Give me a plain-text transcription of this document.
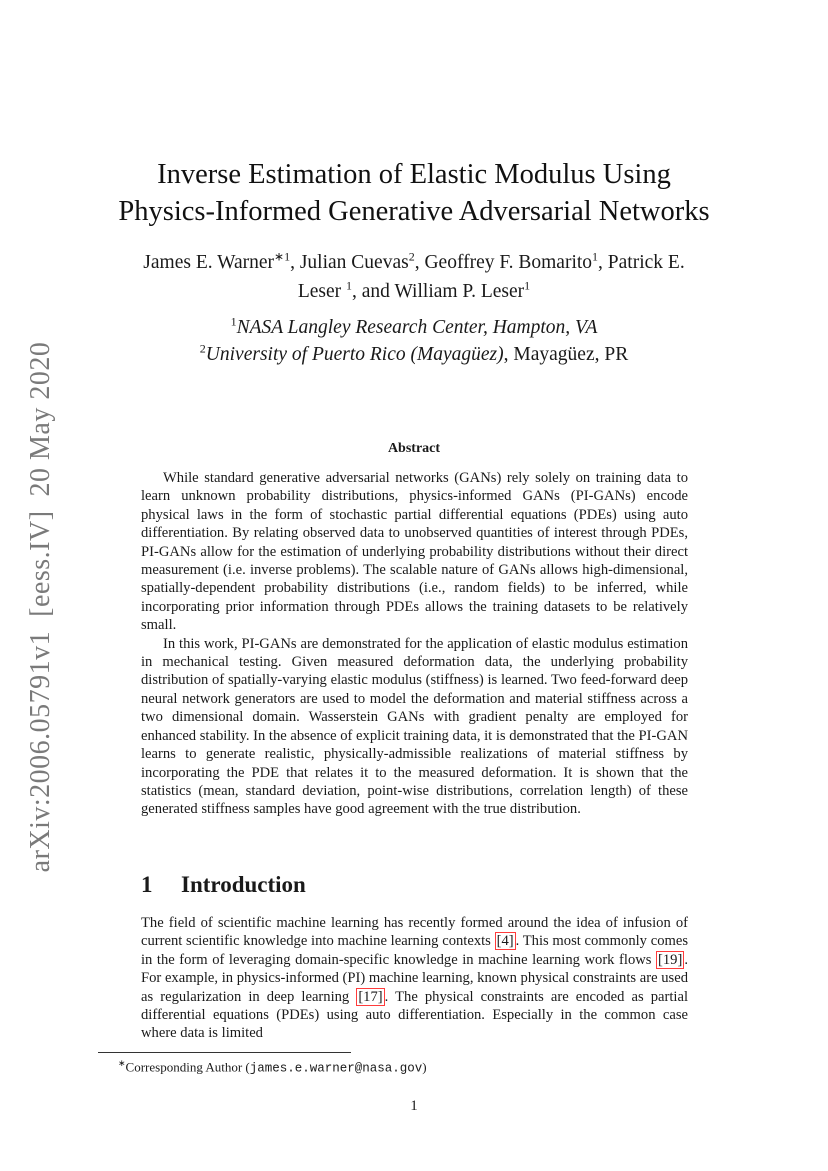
arXiv:2006.05791v1[eess.IV]20 May 2020
Inverse Estimation of Elastic Modulus Using
Physics-Informed Generative Adversarial Networks
James E. Warner$^{∗1}$, Julian Cuevas$^2$, Geoffrey F. Bomarito$^1$, Patrick E.
Leser $^1$, and William P. Leser$^1$
$^1$NASA Langley Research Center, Hampton, VA
$^2$University of Puerto Rico (Mayagüez), Mayagüez, PR
Abstract

While standard generative adversarial networks (GANs) rely solely on training data to learn unknown probability distributions, physics-informed GANs (PI-GANs) encode physical laws in the form of stochastic partial differential equations (PDEs) using auto differentiation. By relating observed data to unobserved quantities of interest through PDEs, PI-GANs allow for the estimation of underlying probability distributions without their direct measurement (i.e. inverse problems). The scalable nature of GANs allows high-dimensional, spatially-dependent probability distributions (i.e., random fields) to be inferred, while incorporating prior information through PDEs allows the training datasets to be relatively small.

In this work, PI-GANs are demonstrated for the application of elastic modulus estimation in mechanical testing. Given measured deformation data, the underlying probability distribution of spatially-varying elastic modulus (stiffness) is learned. Two feed-forward deep neural network generators are used to model the deformation and material stiffness across a two dimensional domain. Wasserstein GANs with gradient penalty are employed for enhanced stability. In the absence of explicit training data, it is demonstrated that the PI-GAN learns to generate realistic, physically-admissible realizations of material stiffness by incorporating the PDE that relates it to the measured deformation. It is shown that the statistics (mean, standard deviation, point-wise distributions, correlation length) of these generated stiffness samples have good agreement with the true distribution.

1 Introduction

The field of scientific machine learning has recently formed around the idea of infusion of current scientific knowledge into machine learning contexts [4] . This most commonly comes in the form of leveraging domain-specific knowledge in machine learning work flows [19] . For example, in physics-informed (PI) machine learning, known physical constraints are used as regularization in deep learning [17] . The physical constraints are encoded as partial differential equations (PDEs) using auto differentiation. Especially in the common case where data is limited

∗Corresponding Author (james.e.warner@nasa.gov)
1
